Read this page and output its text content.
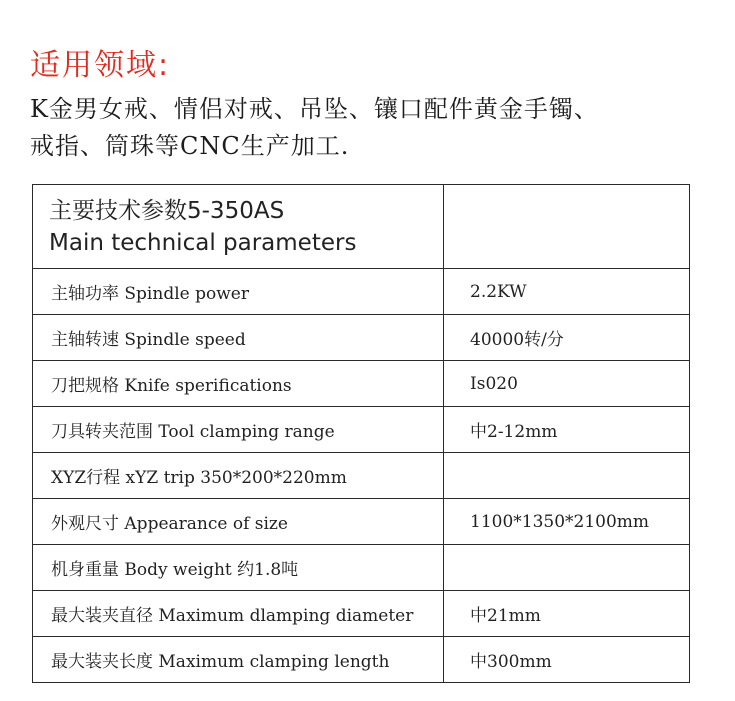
适用领域:

K金男女戒、情侣对戒、吊坠、镶口配件黄金手镯、
戒指、筒珠等CNC生产加工.

主要技术参数5-350AS
Main technical parameters	

主轴功率 Spindle power	2.2KW
主轴转速 Spindle speed	40000转/分
刀把规格 Knife sperifications	Is020
刀具转夹范围 Tool clamping range	中2-12mm
XYZ行程 xYZ trip 350*200*220mm	
外观尺寸 Appearance of size	1100*1350*2100mm
机身重量 Body weight 约1.8吨	
最大装夹直径 Maximum dlamping diameter	中21mm
最大装夹长度 Maximum clamping length	中300mm
